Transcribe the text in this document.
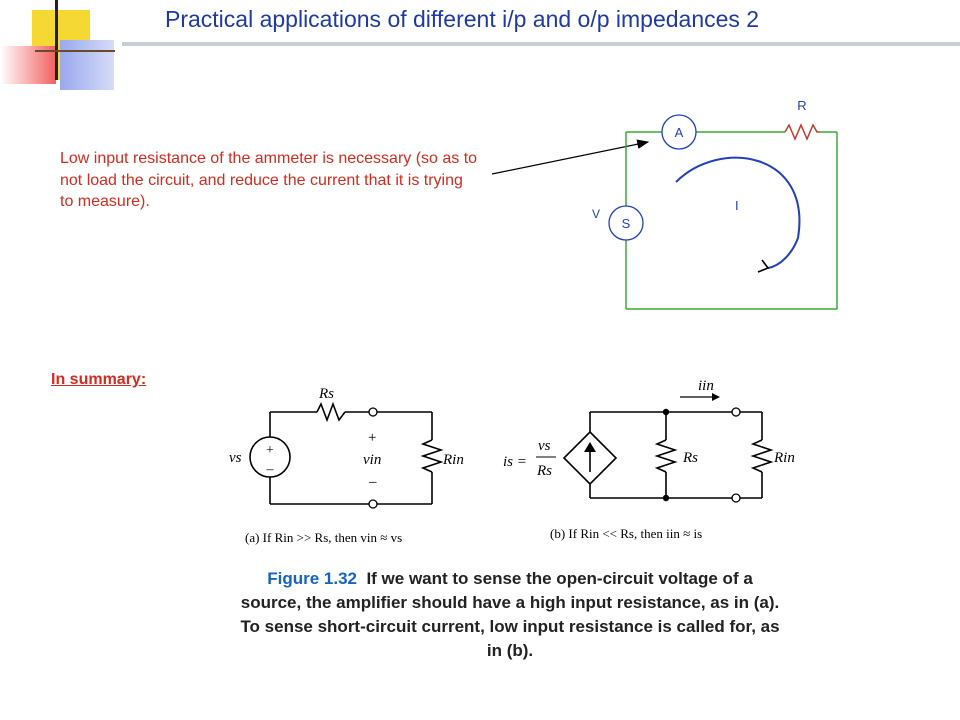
Practical applications of different i/p and o/p impedances 2
Low input resistance of the ammeter is necessary (so as to not load the circuit, and reduce the current that it is trying to measure).
A
S
V
R
I
In summary:
+
–
vs
Rs
+
vin
–
Rin
(a) If Rin >> Rs, then vin ≈ vs
iin
is =
vs
Rs
Rs	Rin
(b) If Rin << Rs, then iin ≈ is
Figure 1.32 If we want to sense the open-circuit voltage of a source, the amplifier should have a high input resistance, as in (a). To sense short-circuit current, low input resistance is called for, as in (b).
